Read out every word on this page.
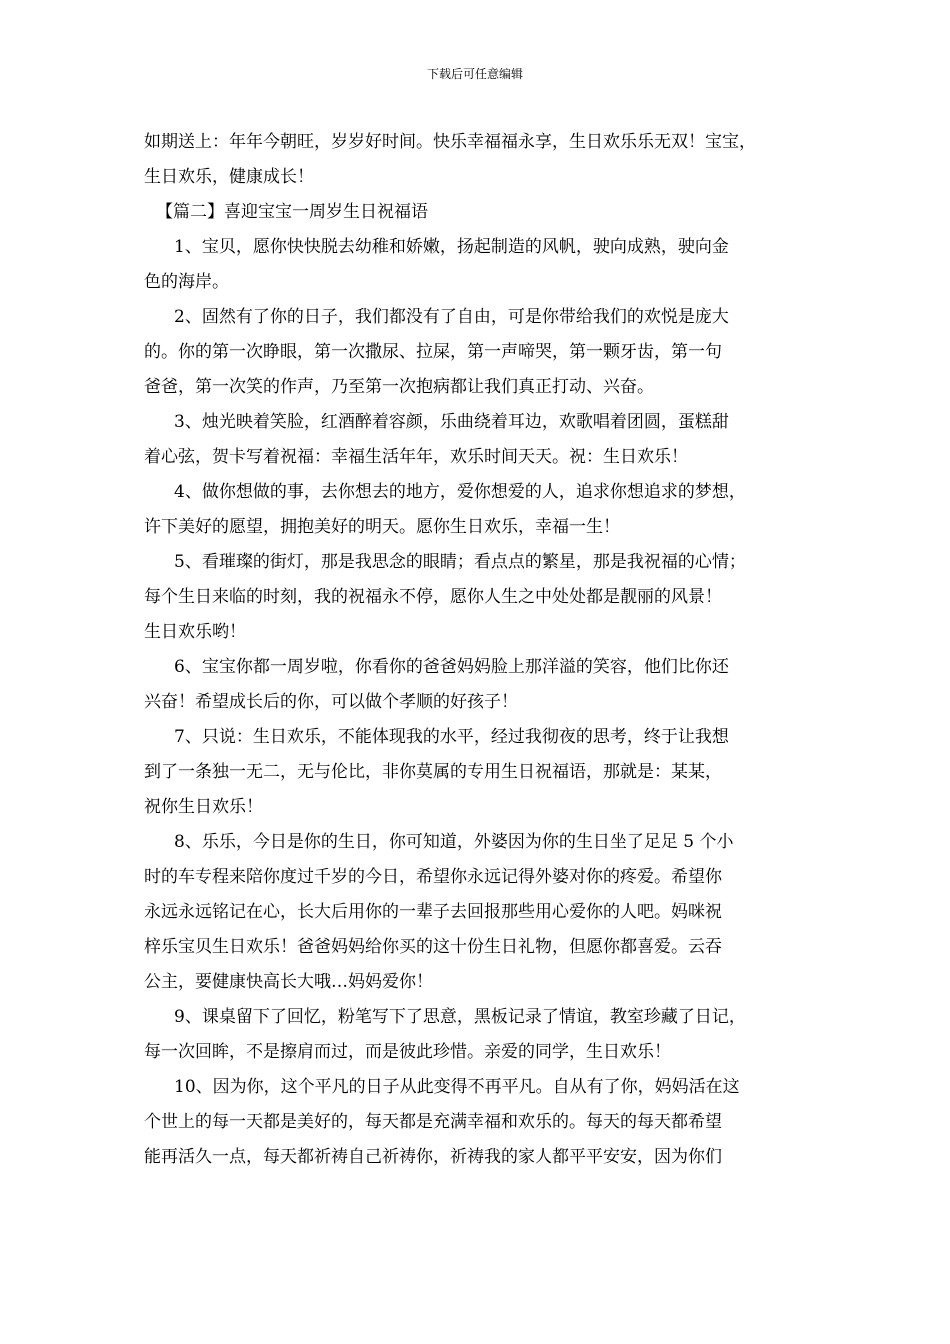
下载后可任意编辑
如期送上：年年今朝旺，岁岁好时间。快乐幸福福永享，生日欢乐乐无双！宝宝，
生日欢乐，健康成长！
【篇二】喜迎宝宝一周岁生日祝福语
1、宝贝，愿你快快脱去幼稚和娇嫩，扬起制造的风帆，驶向成熟，驶向金
色的海岸。
2、固然有了你的日子，我们都没有了自由，可是你带给我们的欢悦是庞大
的。你的第一次睁眼，第一次撒尿、拉屎，第一声啼哭，第一颗牙齿，第一句
爸爸，第一次笑的作声，乃至第一次抱病都让我们真正打动、兴奋。
3、烛光映着笑脸，红酒醉着容颜，乐曲绕着耳边，欢歌唱着团圆，蛋糕甜
着心弦，贺卡写着祝福：幸福生活年年，欢乐时间天天。祝：生日欢乐！
4、做你想做的事，去你想去的地方，爱你想爱的人，追求你想追求的梦想，
许下美好的愿望，拥抱美好的明天。愿你生日欢乐，幸福一生！
5、看璀璨的街灯，那是我思念的眼睛；看点点的繁星，那是我祝福的心情；
每个生日来临的时刻，我的祝福永不停，愿你人生之中处处都是靓丽的风景！
生日欢乐哟！
6、宝宝你都一周岁啦，你看你的爸爸妈妈脸上那洋溢的笑容，他们比你还
兴奋！希望成长后的你，可以做个孝顺的好孩子！
7、只说：生日欢乐，不能体现我的水平，经过我彻夜的思考，终于让我想
到了一条独一无二，无与伦比，非你莫属的专用生日祝福语，那就是：某某，
祝你生日欢乐！
8、乐乐，今日是你的生日，你可知道，外婆因为你的生日坐了足足 5 个小
时的车专程来陪你度过千岁的今日，希望你永远记得外婆对你的疼爱。希望你
永远永远铭记在心，长大后用你的一辈子去回报那些用心爱你的人吧。妈咪祝
梓乐宝贝生日欢乐！爸爸妈妈给你买的这十份生日礼物，但愿你都喜爱。云吞
公主，要健康快高长大哦…妈妈爱你！
9、课桌留下了回忆，粉笔写下了思意，黑板记录了情谊，教室珍藏了日记，
每一次回眸，不是擦肩而过，而是彼此珍惜。亲爱的同学，生日欢乐！
10、因为你，这个平凡的日子从此变得不再平凡。自从有了你，妈妈活在这
个世上的每一天都是美好的，每天都是充满幸福和欢乐的。每天的每天都希望
能再活久一点，每天都祈祷自己祈祷你，祈祷我的家人都平平安安，因为你们
